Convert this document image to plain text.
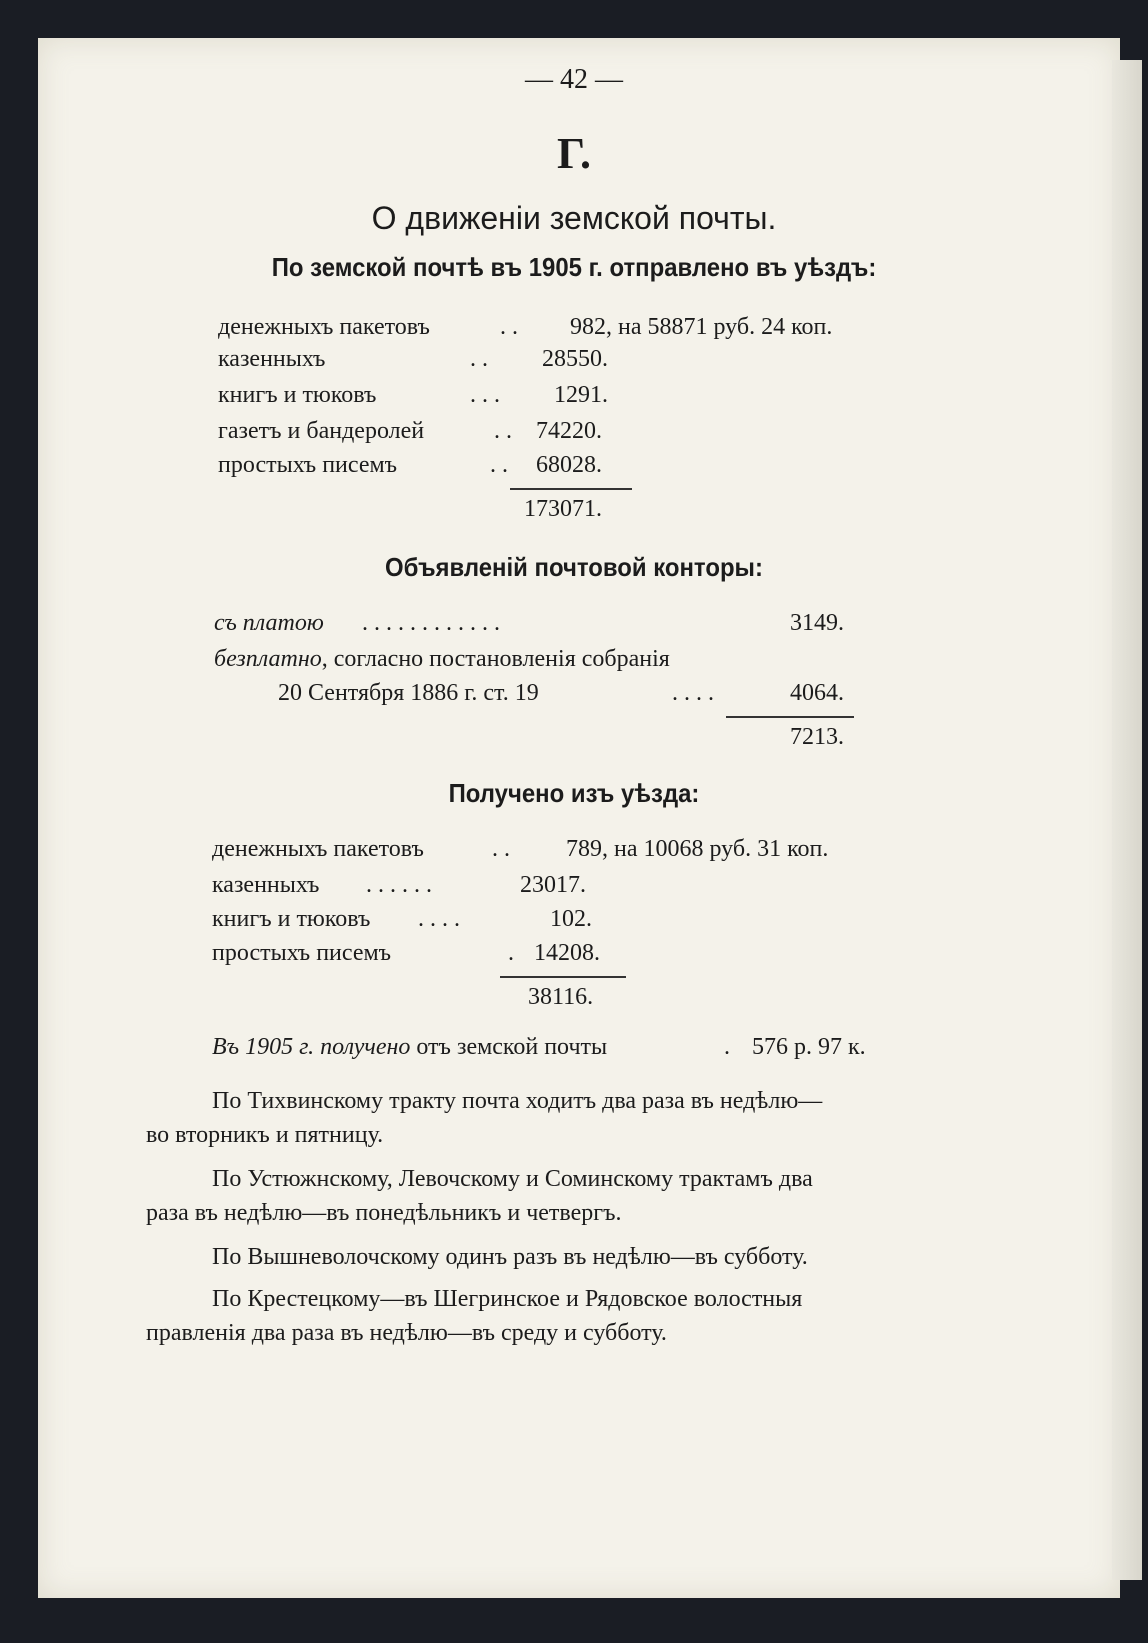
— 42 —
Г.
О движеніи земской почты.
По земской почтѣ въ 1905 г. отправлено въ уѣздъ:
денежныхъ пакетовъ	. . 982, на 58871 руб. 24 коп.
казенныхъ	. . 28550.
книгъ и тюковъ	. . . 1291.
газетъ и бандеролей	. . 74220.
простыхъ писемъ	. . 68028.
173071.
Объявленій почтовой конторы:
съ платою . . . . . . . . . . . .	3149.
безплатно, согласно постановленія собранія
20 Сентября 1886 г. ст. 19	. . . .	4064.
7213.
Получено изъ уѣзда:
денежныхъ пакетовъ	. . 789, на 10068 руб. 31 коп.
казенныхъ . . . . . .	23017.
книгъ и тюковъ . . . .	102.
простыхъ писемъ	. 14208.
38116.
Въ 1905 г. получено отъ земской почты	. 576 р. 97 к.
По Тихвинскому тракту почта ходитъ два раза въ недѣлю—
во вторникъ и пятницу.
По Устюжнскому, Левочскому и Соминскому трактамъ два
раза въ недѣлю—въ понедѣльникъ и четвергъ.
По Вышневолочскому одинъ разъ въ недѣлю—въ субботу.
По Крестецкому—въ Шегринское и Рядовское волостныя
правленія два раза въ недѣлю—въ среду и субботу.
